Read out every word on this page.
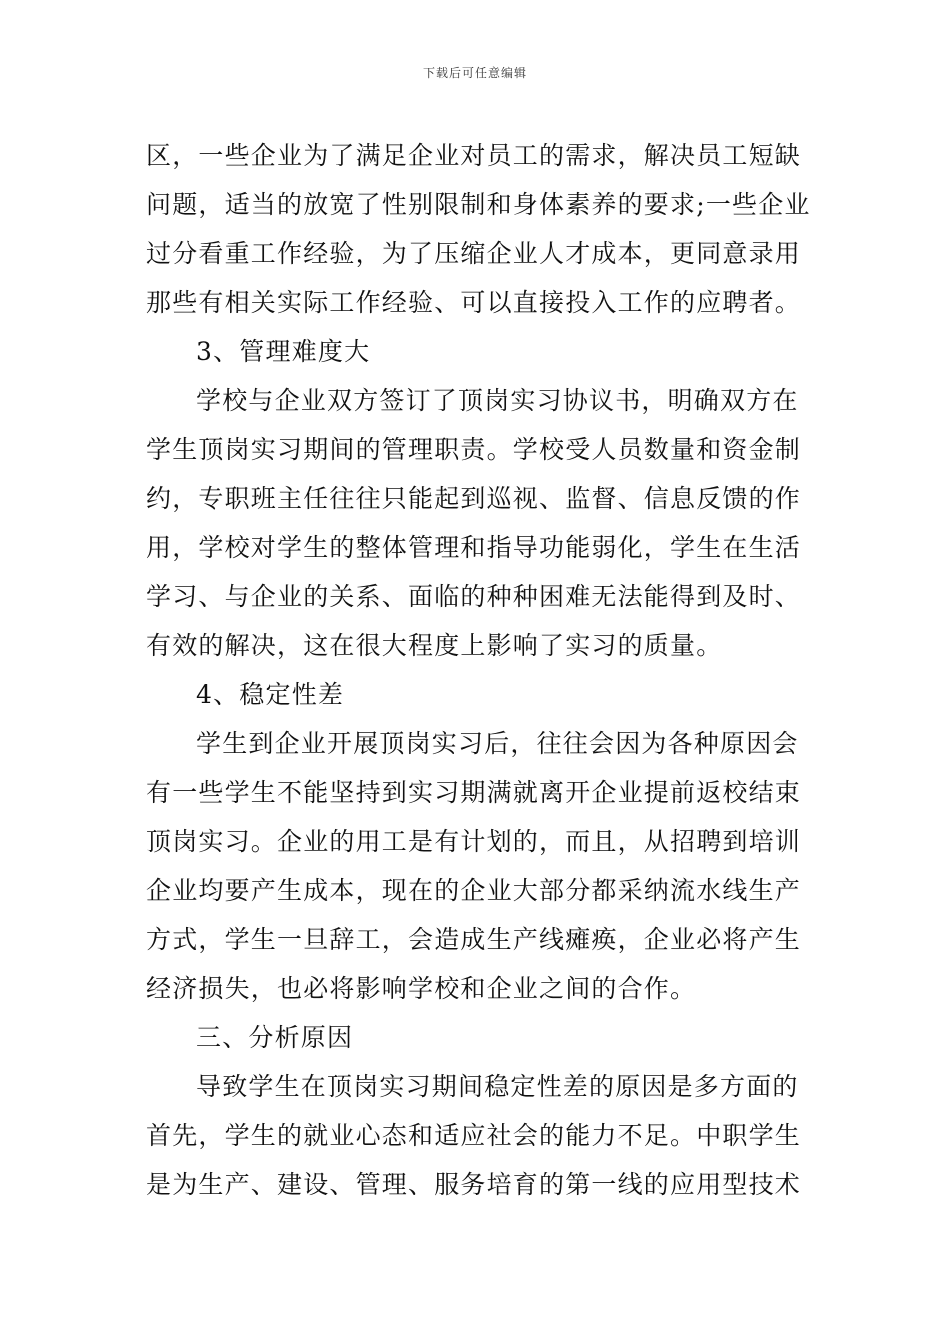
下载后可任意编辑
区，一些企业为了满足企业对员工的需求，解决员工短缺
问题，适当的放宽了性别限制和身体素养的要求;一些企业
过分看重工作经验，为了压缩企业人才成本，更同意录用
那些有相关实际工作经验、可以直接投入工作的应聘者。
3、管理难度大
学校与企业双方签订了顶岗实习协议书，明确双方在
学生顶岗实习期间的管理职责。学校受人员数量和资金制
约，专职班主任往往只能起到巡视、监督、信息反馈的作
用，学校对学生的整体管理和指导功能弱化，学生在生活
学习、与企业的关系、面临的种种困难无法能得到及时、
有效的解决，这在很大程度上影响了实习的质量。
4、稳定性差
学生到企业开展顶岗实习后，往往会因为各种原因会
有一些学生不能坚持到实习期满就离开企业提前返校结束
顶岗实习。企业的用工是有计划的，而且，从招聘到培训
企业均要产生成本，现在的企业大部分都采纳流水线生产
方式，学生一旦辞工，会造成生产线瘫痪，企业必将产生
经济损失，也必将影响学校和企业之间的合作。
三、分析原因
导致学生在顶岗实习期间稳定性差的原因是多方面的
首先，学生的就业心态和适应社会的能力不足。中职学生
是为生产、建设、管理、服务培育的第一线的应用型技术
